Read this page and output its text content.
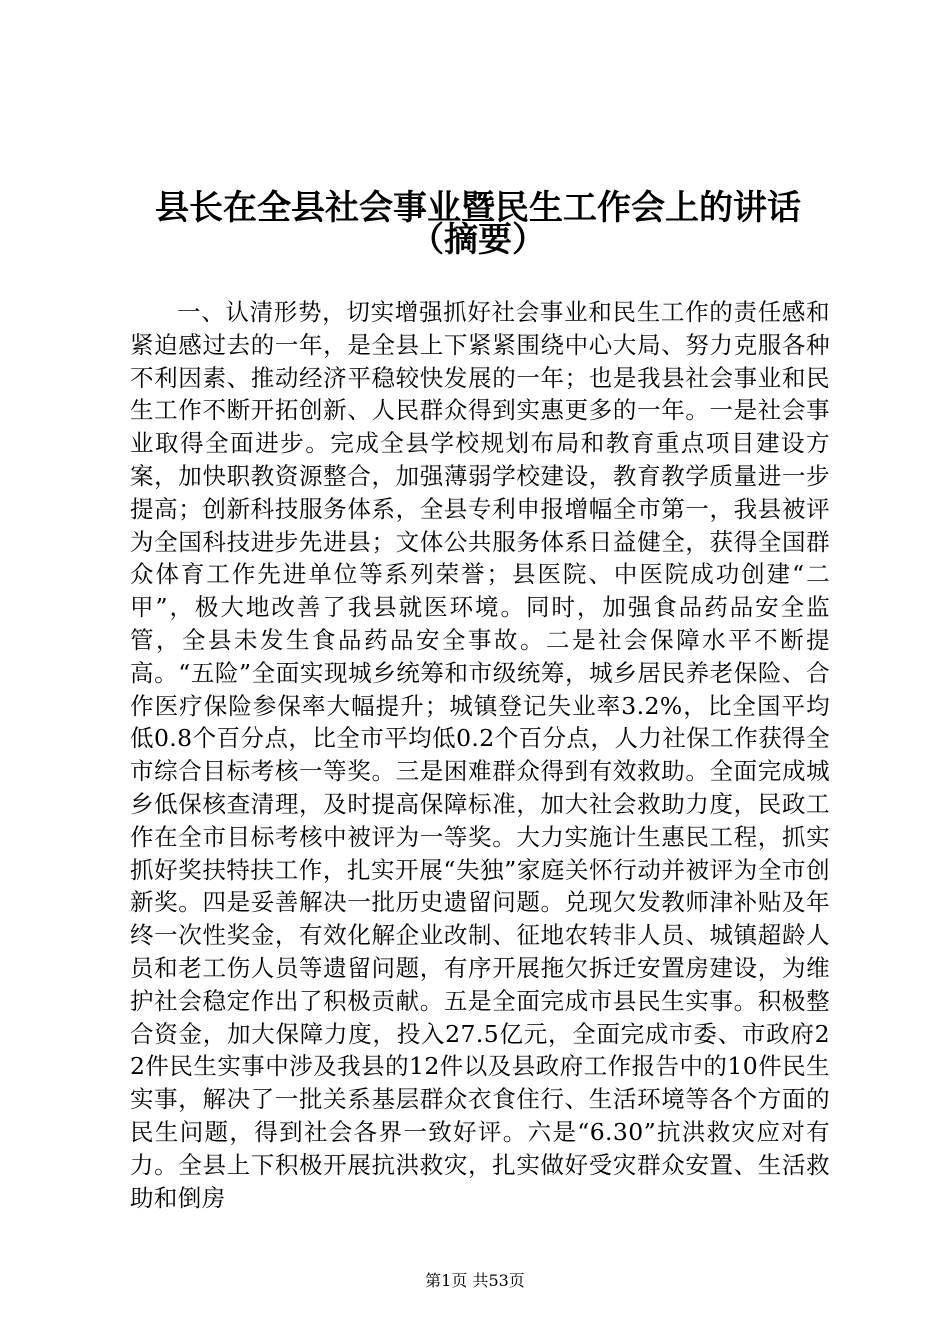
县长在全县社会事业暨民生工作会上的讲话
（摘要）

一、认清形势，切实增强抓好社会事业和民生工作的责任感和紧迫感过去的一年，是全县上下紧紧围绕中心大局、努力克服各种不利因素、推动经济平稳较快发展的一年；也是我县社会事业和民生工作不断开拓创新、人民群众得到实惠更多的一年。一是社会事业取得全面进步。完成全县学校规划布局和教育重点项目建设方案，加快职教资源整合，加强薄弱学校建设，教育教学质量进一步提高；创新科技服务体系，全县专利申报增幅全市第一，我县被评为全国科技进步先进县；文体公共服务体系日益健全，获得全国群众体育工作先进单位等系列荣誉；县医院、中医院成功创建“二甲”，极大地改善了我县就医环境。同时，加强食品药品安全监管，全县未发生食品药品安全事故。二是社会保障水平不断提高。“五险”全面实现城乡统筹和市级统筹，城乡居民养老保险、合作医疗保险参保率大幅提升；城镇登记失业率3.2%，比全国平均低0.8个百分点，比全市平均低0.2个百分点，人力社保工作获得全市综合目标考核一等奖。三是困难群众得到有效救助。全面完成城乡低保核查清理，及时提高保障标准，加大社会救助力度，民政工作在全市目标考核中被评为一等奖。大力实施计生惠民工程，抓实抓好奖扶特扶工作，扎实开展“失独”家庭关怀行动并被评为全市创新奖。四是妥善解决一批历史遗留问题。兑现欠发教师津补贴及年终一次性奖金，有效化解企业改制、征地农转非人员、城镇超龄人员和老工伤人员等遗留问题，有序开展拖欠拆迁安置房建设，为维护社会稳定作出了积极贡献。五是全面完成市县民生实事。积极整合资金，加大保障力度，投入27.5亿元，全面完成市委、市政府22件民生实事中涉及我县的12件以及县政府工作报告中的10件民生实事，解决了一批关系基层群众衣食住行、生活环境等各个方面的民生问题，得到社会各界一致好评。六是“6.30”抗洪救灾应对有力。全县上下积极开展抗洪救灾，扎实做好受灾群众安置、生活救助和倒房

第1页 共53页
